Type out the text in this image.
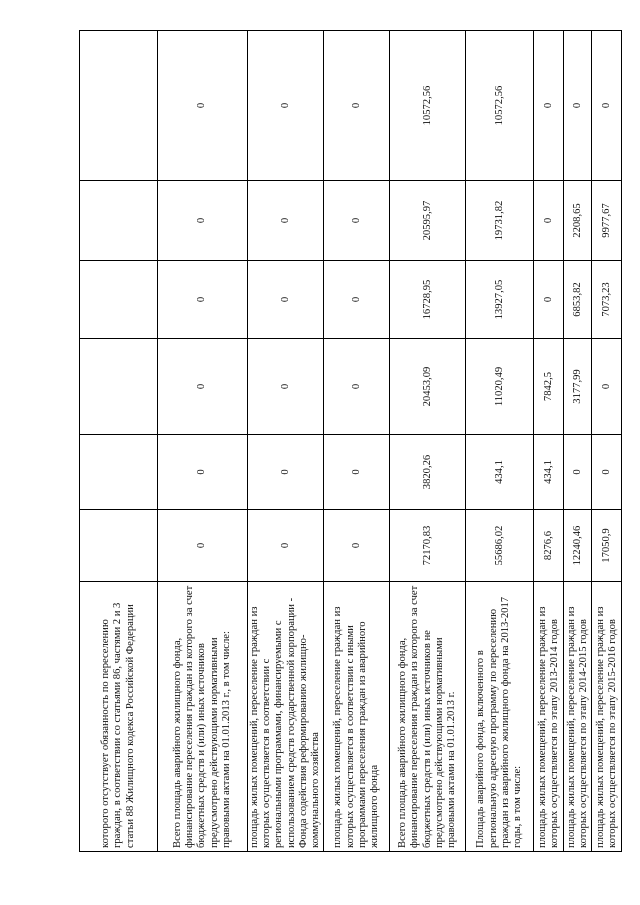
которого отсутствует обязанность по переселению граждан, в соответствии со статьями 86, частями 2 и 3 статьи 88 Жилищного кодекса Российской Федерации						
Всего площадь аварийного жилищного фонда, финансирование переселения граждан из которого за счет бюджетных средств и (или) иных источников предусмотрено действующими нормативными правовыми актами на 01.01.2013 г., в том числе:	0	0	0	0	0	0
площадь жилых помещений, переселение граждан из которых осуществляется в соответствии с региональными программами, финансируемыми с использованием средств государственной корпорации - Фонда содействия реформированию жилищно-коммунального хозяйства	0	0	0	0	0	0
площадь жилых помещений, переселение граждан из которых осуществляется в соответствии с иными программами переселения граждан из аварийного жилищного фонда	0	0	0	0	0	0
Всего площадь аварийного жилищного фонда, финансирование переселения граждан из которого за счет бюджетных средств и (или) иных источников не предусмотрено действующими нормативными правовыми актами на 01.01.2013 г.	72170,83	3820,26	20453,09	16728,95	20595,97	10572,56
Площадь аварийного фонда, включенного в региональную адресную программу по переселению граждан из аварийного жилищного фонда на 2013-2017 годы, в том числе:	55686,02	434,1	11020,49	13927,05	19731,82	10572,56
площадь жилых помещений, переселение граждан из которых осуществляется по этапу 2013-2014 годов	8276,6	434,1	7842,5	0	0	0
площадь жилых помещений, переселение граждан из которых осуществляется по этапу 2014-2015 годов	12240,46	0	3177,99	6853,82	2208,65	0
площадь жилых помещений, переселение граждан из которых осуществляется по этапу 2015-2016 годов	17050,9	0	0	7073,23	9977,67	0
